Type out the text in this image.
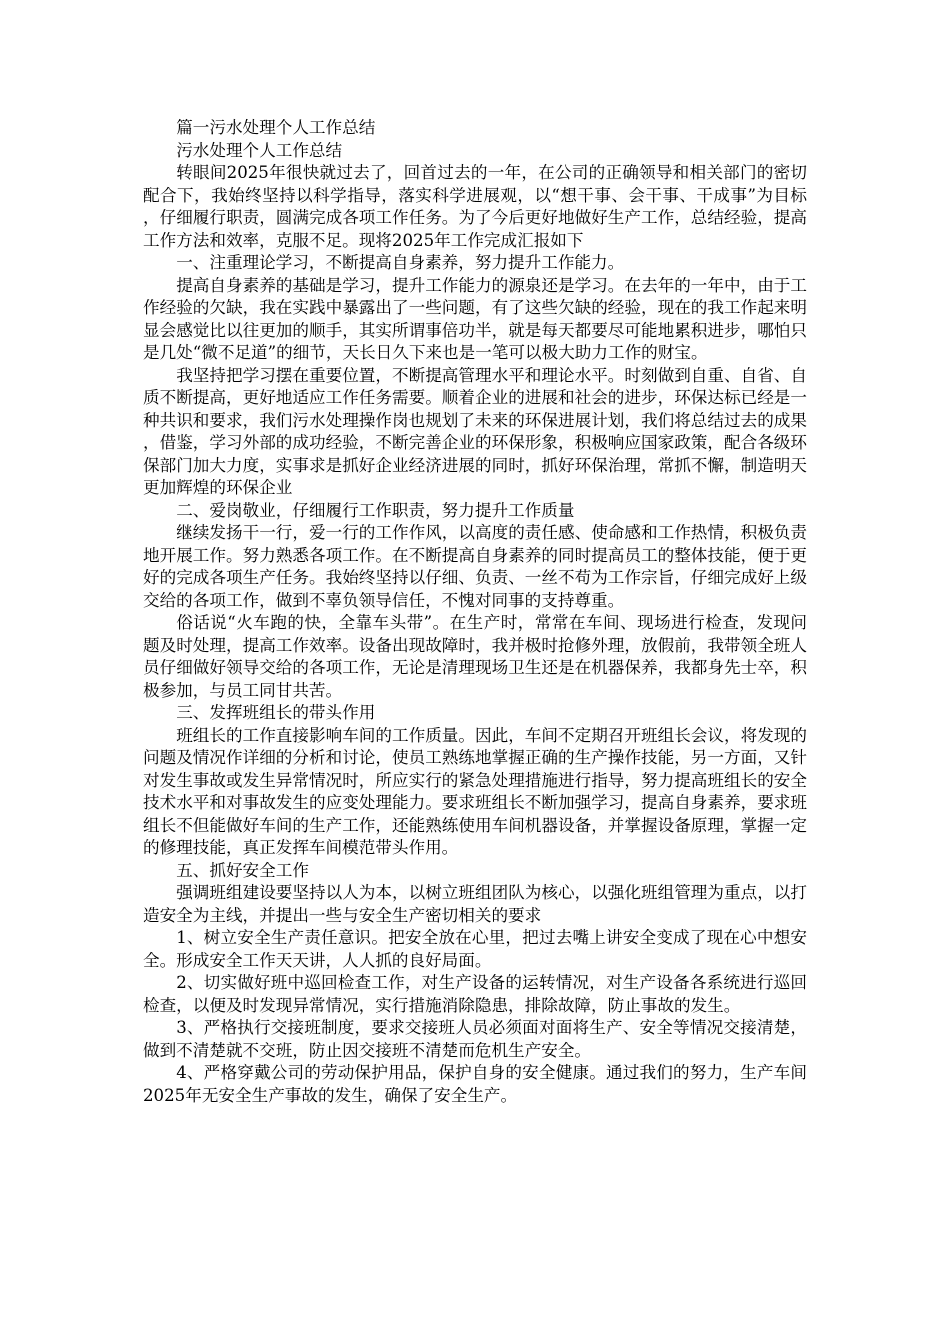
篇一污水处理个人工作总结

污水处理个人工作总结

转眼间2025年很快就过去了，回首过去的一年，在公司的正确领导和相关部门的密切配合下，我始终坚持以科学指导，落实科学进展观，以“想干事、会干事、干成事”为目标，仔细履行职责，圆满完成各项工作任务。为了今后更好地做好生产工作，总结经验，提高工作方法和效率，克服不足。现将2025年工作完成汇报如下

一、注重理论学习，不断提高自身素养，努力提升工作能力。

提高自身素养的基础是学习，提升工作能力的源泉还是学习。在去年的一年中，由于工作经验的欠缺，我在实践中暴露出了一些问题，有了这些欠缺的经验，现在的我工作起来明显会感觉比以往更加的顺手，其实所谓事倍功半，就是每天都要尽可能地累积进步，哪怕只是几处“微不足道”的细节，天长日久下来也是一笔可以极大助力工作的财宝。

我坚持把学习摆在重要位置，不断提高管理水平和理论水平。时刻做到自重、自省、自质不断提高，更好地适应工作任务需要。顺着企业的进展和社会的进步，环保达标已经是一种共识和要求，我们污水处理操作岗也规划了未来的环保进展计划，我们将总结过去的成果，借鉴，学习外部的成功经验，不断完善企业的环保形象，积极响应国家政策，配合各级环保部门加大力度，实事求是抓好企业经济进展的同时，抓好环保治理，常抓不懈，制造明天更加辉煌的环保企业

二、爱岗敬业，仔细履行工作职责，努力提升工作质量

继续发扬干一行，爱一行的工作作风，以高度的责任感、使命感和工作热情，积极负责地开展工作。努力熟悉各项工作。在不断提高自身素养的同时提高员工的整体技能，便于更好的完成各项生产任务。我始终坚持以仔细、负责、一丝不苟为工作宗旨，仔细完成好上级交给的各项工作，做到不辜负领导信任，不愧对同事的支持尊重。

俗话说“火车跑的快，全靠车头带”。在生产时，常常在车间、现场进行检查，发现问题及时处理，提高工作效率。设备出现故障时，我并极时抢修外理，放假前，我带领全班人员仔细做好领导交给的各项工作，无论是清理现场卫生还是在机器保养，我都身先士卒，积极参加，与员工同甘共苦。

三、发挥班组长的带头作用

班组长的工作直接影响车间的工作质量。因此，车间不定期召开班组长会议，将发现的问题及情况作详细的分析和讨论，使员工熟练地掌握正确的生产操作技能，另一方面，又针对发生事故或发生异常情况时，所应实行的紧急处理措施进行指导，努力提高班组长的安全技术水平和对事故发生的应变处理能力。要求班组长不断加强学习，提高自身素养，要求班组长不但能做好车间的生产工作，还能熟练使用车间机器设备，并掌握设备原理，掌握一定的修理技能，真正发挥车间模范带头作用。

五、抓好安全工作

强调班组建设要坚持以人为本，以树立班组团队为核心，以强化班组管理为重点，以打造安全为主线，并提出一些与安全生产密切相关的要求

1、树立安全生产责任意识。把安全放在心里，把过去嘴上讲安全变成了现在心中想安全。形成安全工作天天讲，人人抓的良好局面。

2、切实做好班中巡回检查工作，对生产设备的运转情况，对生产设备各系统进行巡回检查，以便及时发现异常情况，实行措施消除隐患，排除故障，防止事故的发生。

3、严格执行交接班制度，要求交接班人员必须面对面将生产、安全等情况交接清楚，做到不清楚就不交班，防止因交接班不清楚而危机生产安全。

4、严格穿戴公司的劳动保护用品，保护自身的安全健康。通过我们的努力，生产车间2025年无安全生产事故的发生，确保了安全生产。
